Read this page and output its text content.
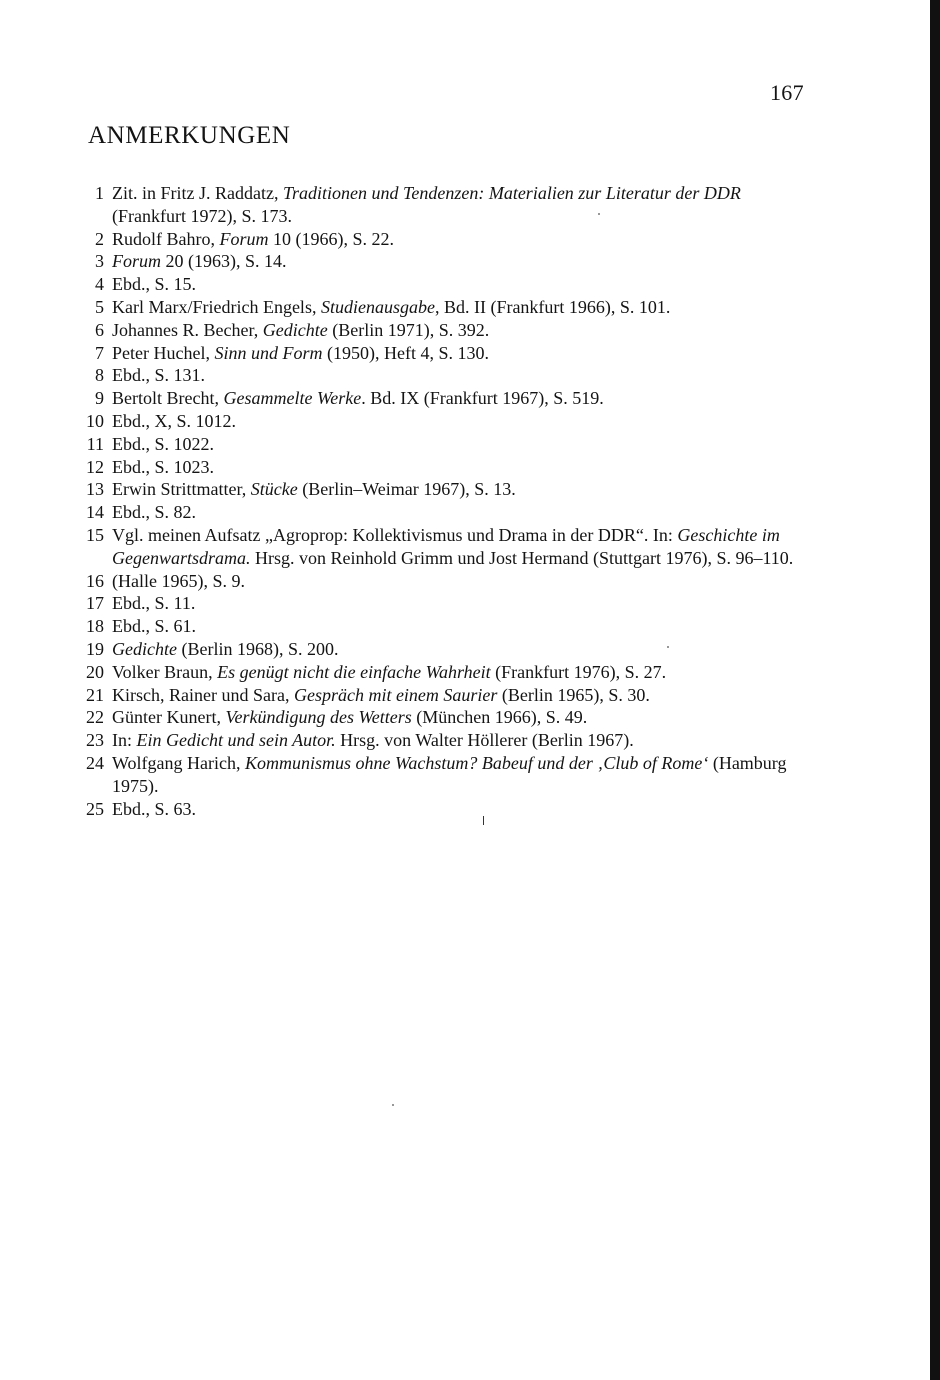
167
ANMERKUNGEN
1 Zit. in Fritz J. Raddatz, Traditionen und Tendenzen: Materialien zur Literatur der DDR (Frankfurt 1972), S. 173.
2 Rudolf Bahro, Forum 10 (1966), S. 22.
3 Forum 20 (1963), S. 14.
4 Ebd., S. 15.
5 Karl Marx/Friedrich Engels, Studienausgabe, Bd. II (Frankfurt 1966), S. 101.
6 Johannes R. Becher, Gedichte (Berlin 1971), S. 392.
7 Peter Huchel, Sinn und Form (1950), Heft 4, S. 130.
8 Ebd., S. 131.
9 Bertolt Brecht, Gesammelte Werke. Bd. IX (Frankfurt 1967), S. 519.
10 Ebd., X, S. 1012.
11 Ebd., S. 1022.
12 Ebd., S. 1023.
13 Erwin Strittmatter, Stücke (Berlin–Weimar 1967), S. 13.
14 Ebd., S. 82.
15 Vgl. meinen Aufsatz „Agroprop: Kollektivismus und Drama in der DDR“. In: Geschichte im Gegenwartsdrama. Hrsg. von Reinhold Grimm und Jost Hermand (Stuttgart 1976), S. 96–110.
16 (Halle 1965), S. 9.
17 Ebd., S. 11.
18 Ebd., S. 61.
19 Gedichte (Berlin 1968), S. 200.
20 Volker Braun, Es genügt nicht die einfache Wahrheit (Frankfurt 1976), S. 27.
21 Kirsch, Rainer und Sara, Gespräch mit einem Saurier (Berlin 1965), S. 30.
22 Günter Kunert, Verkündigung des Wetters (München 1966), S. 49.
23 In: Ein Gedicht und sein Autor. Hrsg. von Walter Höllerer (Berlin 1967).
24 Wolfgang Harich, Kommunismus ohne Wachstum? Babeuf und der ‚Club of Rome‘ (Hamburg 1975).
25 Ebd., S. 63.
